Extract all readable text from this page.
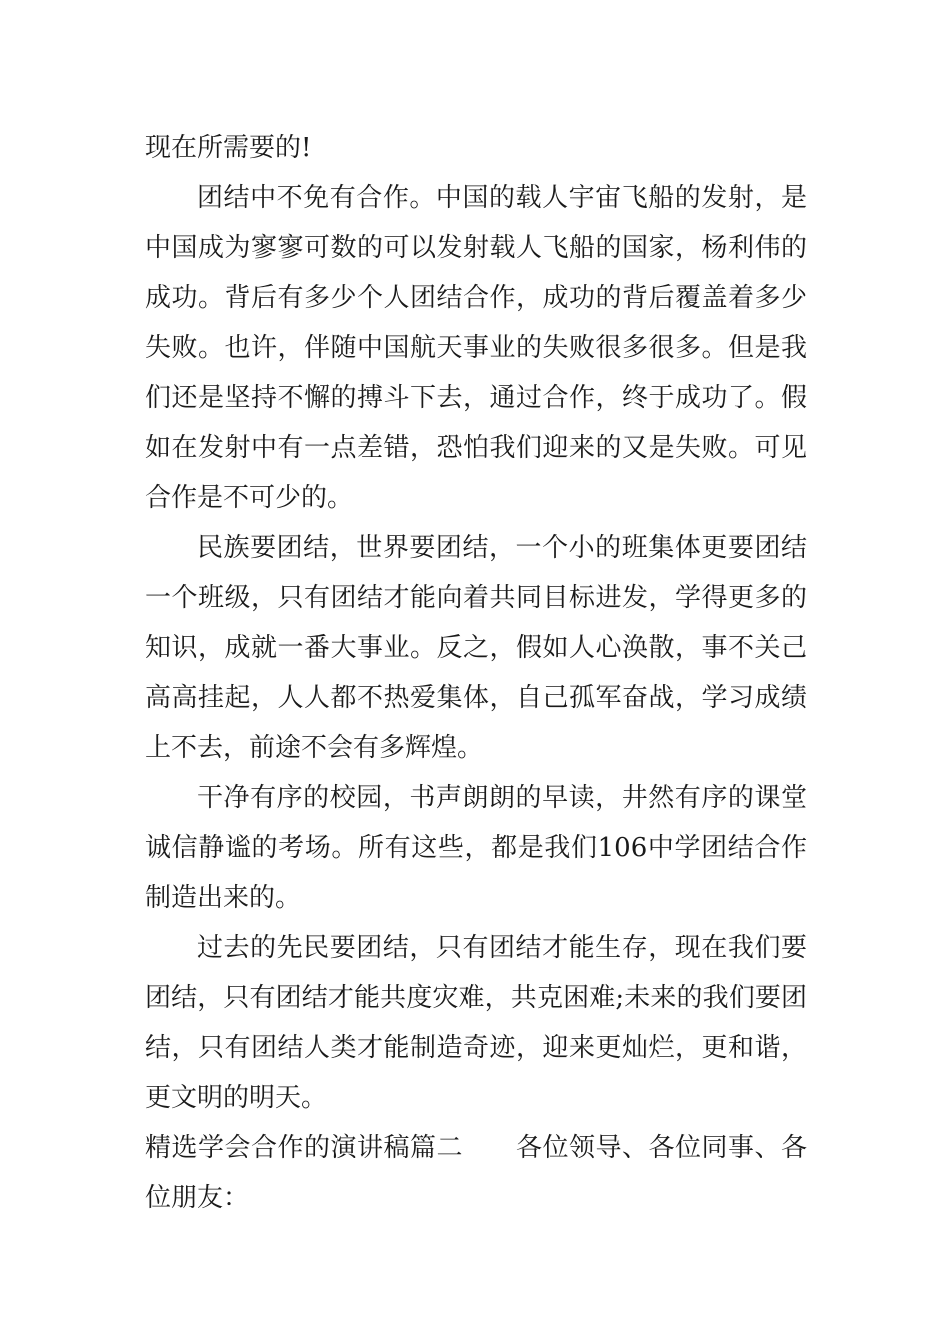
现在所需要的!

团结中不免有合作。中国的载人宇宙飞船的发射，是中国成为寥寥可数的可以发射载人飞船的国家，杨利伟的成功。背后有多少个人团结合作，成功的背后覆盖着多少失败。也许，伴随中国航天事业的失败很多很多。但是我们还是坚持不懈的搏斗下去，通过合作，终于成功了。假如在发射中有一点差错，恐怕我们迎来的又是失败。可见合作是不可少的。

民族要团结，世界要团结，一个小的班集体更要团结一个班级，只有团结才能向着共同目标进发，学得更多的知识，成就一番大事业。反之，假如人心涣散，事不关己高高挂起，人人都不热爱集体，自己孤军奋战，学习成绩上不去，前途不会有多辉煌。

干净有序的校园，书声朗朗的早读，井然有序的课堂诚信静谧的考场。所有这些，都是我们106中学团结合作制造出来的。

过去的先民要团结，只有团结才能生存，现在我们要团结，只有团结才能共度灾难，共克困难;未来的我们要团结，只有团结人类才能制造奇迹，迎来更灿烂，更和谐，更文明的明天。

精选学会合作的演讲稿篇二　　各位领导、各位同事、各位朋友：
